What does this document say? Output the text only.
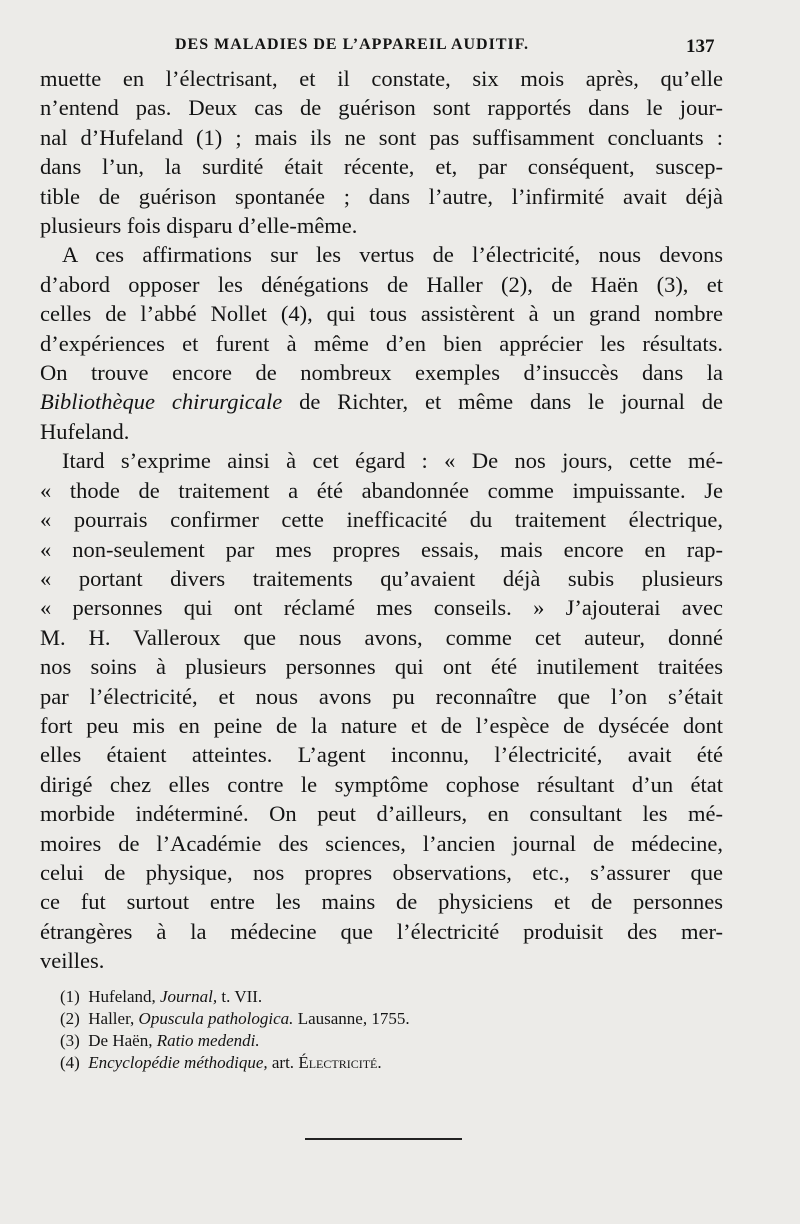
DES MALADIES DE L’APPAREIL AUDITIF.	137
muette en l’électrisant, et il constate, six mois après, qu’elle
n’entend pas. Deux cas de guérison sont rapportés dans le jour-
nal d’Hufeland (1) ; mais ils ne sont pas suffisamment concluants :
dans l’un, la surdité était récente, et, par conséquent, suscep-
tible de guérison spontanée ; dans l’autre, l’infirmité avait déjà
plusieurs fois disparu d’elle-même.
A ces affirmations sur les vertus de l’électricité, nous devons
d’abord opposer les dénégations de Haller (2), de Haën (3), et
celles de l’abbé Nollet (4), qui tous assistèrent à un grand nombre
d’expériences et furent à même d’en bien apprécier les résultats.
On trouve encore de nombreux exemples d’insuccès dans la
Bibliothèque chirurgicale de Richter, et même dans le journal de
Hufeland.
Itard s’exprime ainsi à cet égard : « De nos jours, cette mé-
« thode de traitement a été abandonnée comme impuissante. Je
« pourrais confirmer cette inefficacité du traitement électrique,
« non-seulement par mes propres essais, mais encore en rap-
« portant divers traitements qu’avaient déjà subis plusieurs
« personnes qui ont réclamé mes conseils. » J’ajouterai avec
M. H. Valleroux que nous avons, comme cet auteur, donné
nos soins à plusieurs personnes qui ont été inutilement traitées
par l’électricité, et nous avons pu reconnaître que l’on s’était
fort peu mis en peine de la nature et de l’espèce de dysécée dont
elles étaient atteintes. L’agent inconnu, l’électricité, avait été
dirigé chez elles contre le symptôme cophose résultant d’un état
morbide indéterminé. On peut d’ailleurs, en consultant les mé-
moires de l’Académie des sciences, l’ancien journal de médecine,
celui de physique, nos propres observations, etc., s’assurer que
ce fut surtout entre les mains de physiciens et de personnes
étrangères à la médecine que l’électricité produisit des mer-
veilles.
(1) Hufeland, Journal, t. VII.
(2) Haller, Opuscula pathologica. Lausanne, 1755.
(3) De Haën, Ratio medendi.
(4) Encyclopédie méthodique, art. Électricité.
